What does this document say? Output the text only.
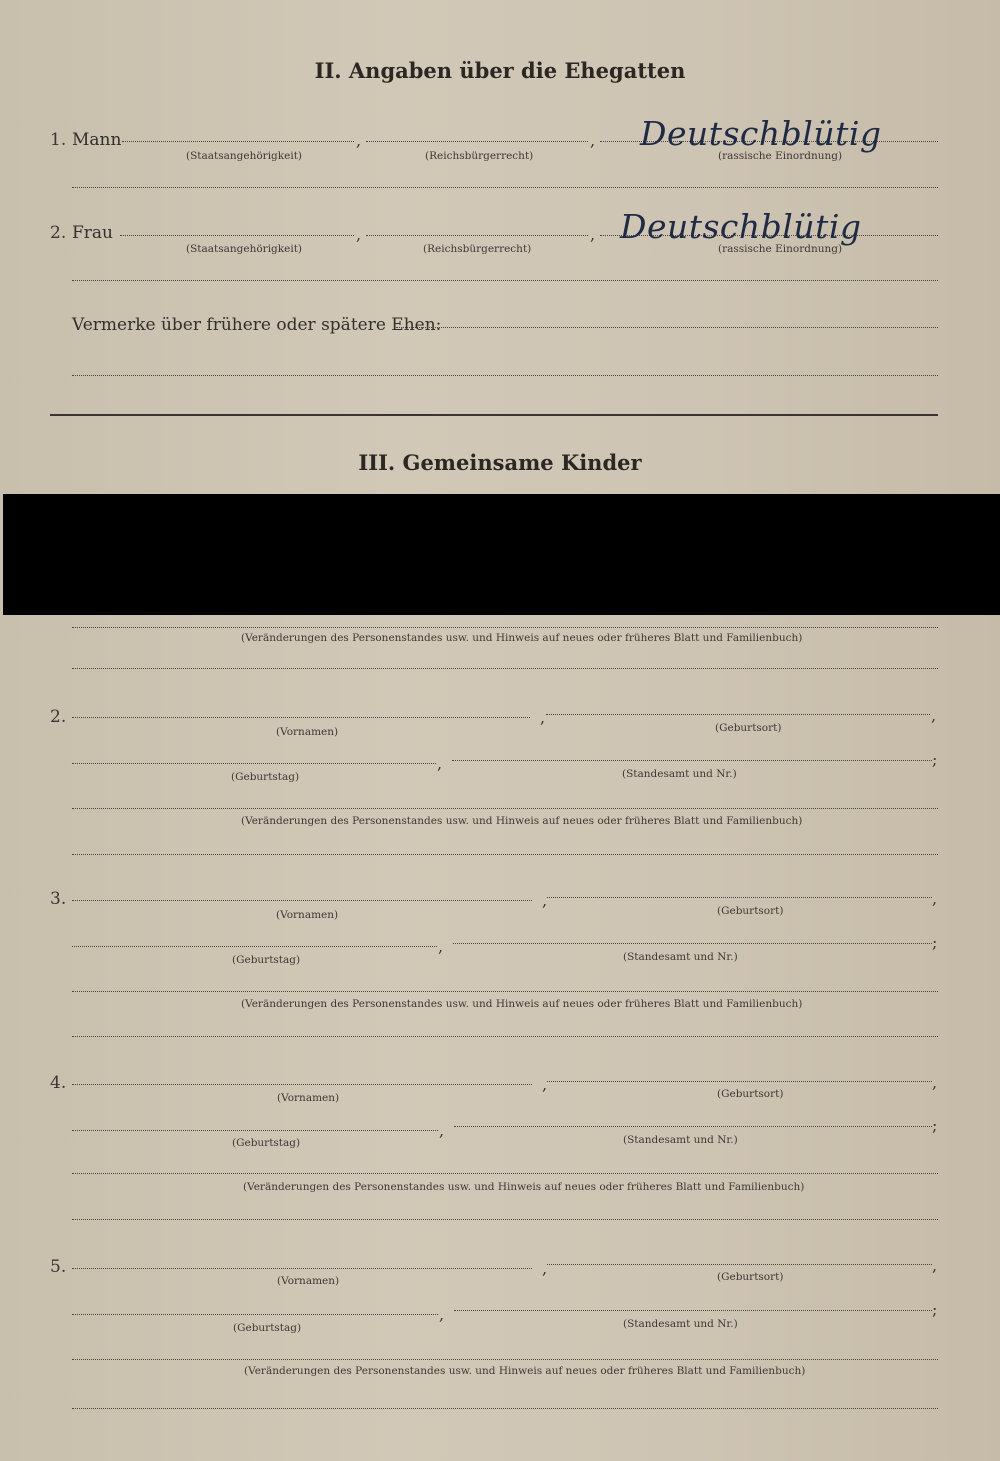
II. Angaben über die Ehegatten
1. Mann	,	, Deutschblütig
(Staatsangehörigkeit)	(Reichsbürgerrecht)	(rassische Einordnung)
2. Frau	,	, Deutschblütig
(Staatsangehörigkeit)	(Reichsbürgerrecht)	(rassische Einordnung)
Vermerke über frühere oder spätere Ehen:
III. Gemeinsame Kinder
(Veränderungen des Personenstandes usw. und Hinweis auf neues oder früheres Blatt und Familienbuch)
2.	,	,
(Vornamen)	(Geburtsort)
,	;
(Geburtstag)	(Standesamt und Nr.)
(Veränderungen des Personenstandes usw. und Hinweis auf neues oder früheres Blatt und Familienbuch)
3.	,	,
(Vornamen)	(Geburtsort)
,	;
(Geburtstag)	(Standesamt und Nr.)
(Veränderungen des Personenstandes usw. und Hinweis auf neues oder früheres Blatt und Familienbuch)
4.	,	,
(Vornamen)	(Geburtsort)
,	;
(Geburtstag)	(Standesamt und Nr.)
(Veränderungen des Personenstandes usw. und Hinweis auf neues oder früheres Blatt und Familienbuch)
5.	,	,
(Vornamen)	(Geburtsort)
,	;
(Geburtstag)	(Standesamt und Nr.)
(Veränderungen des Personenstandes usw. und Hinweis auf neues oder früheres Blatt und Familienbuch)
